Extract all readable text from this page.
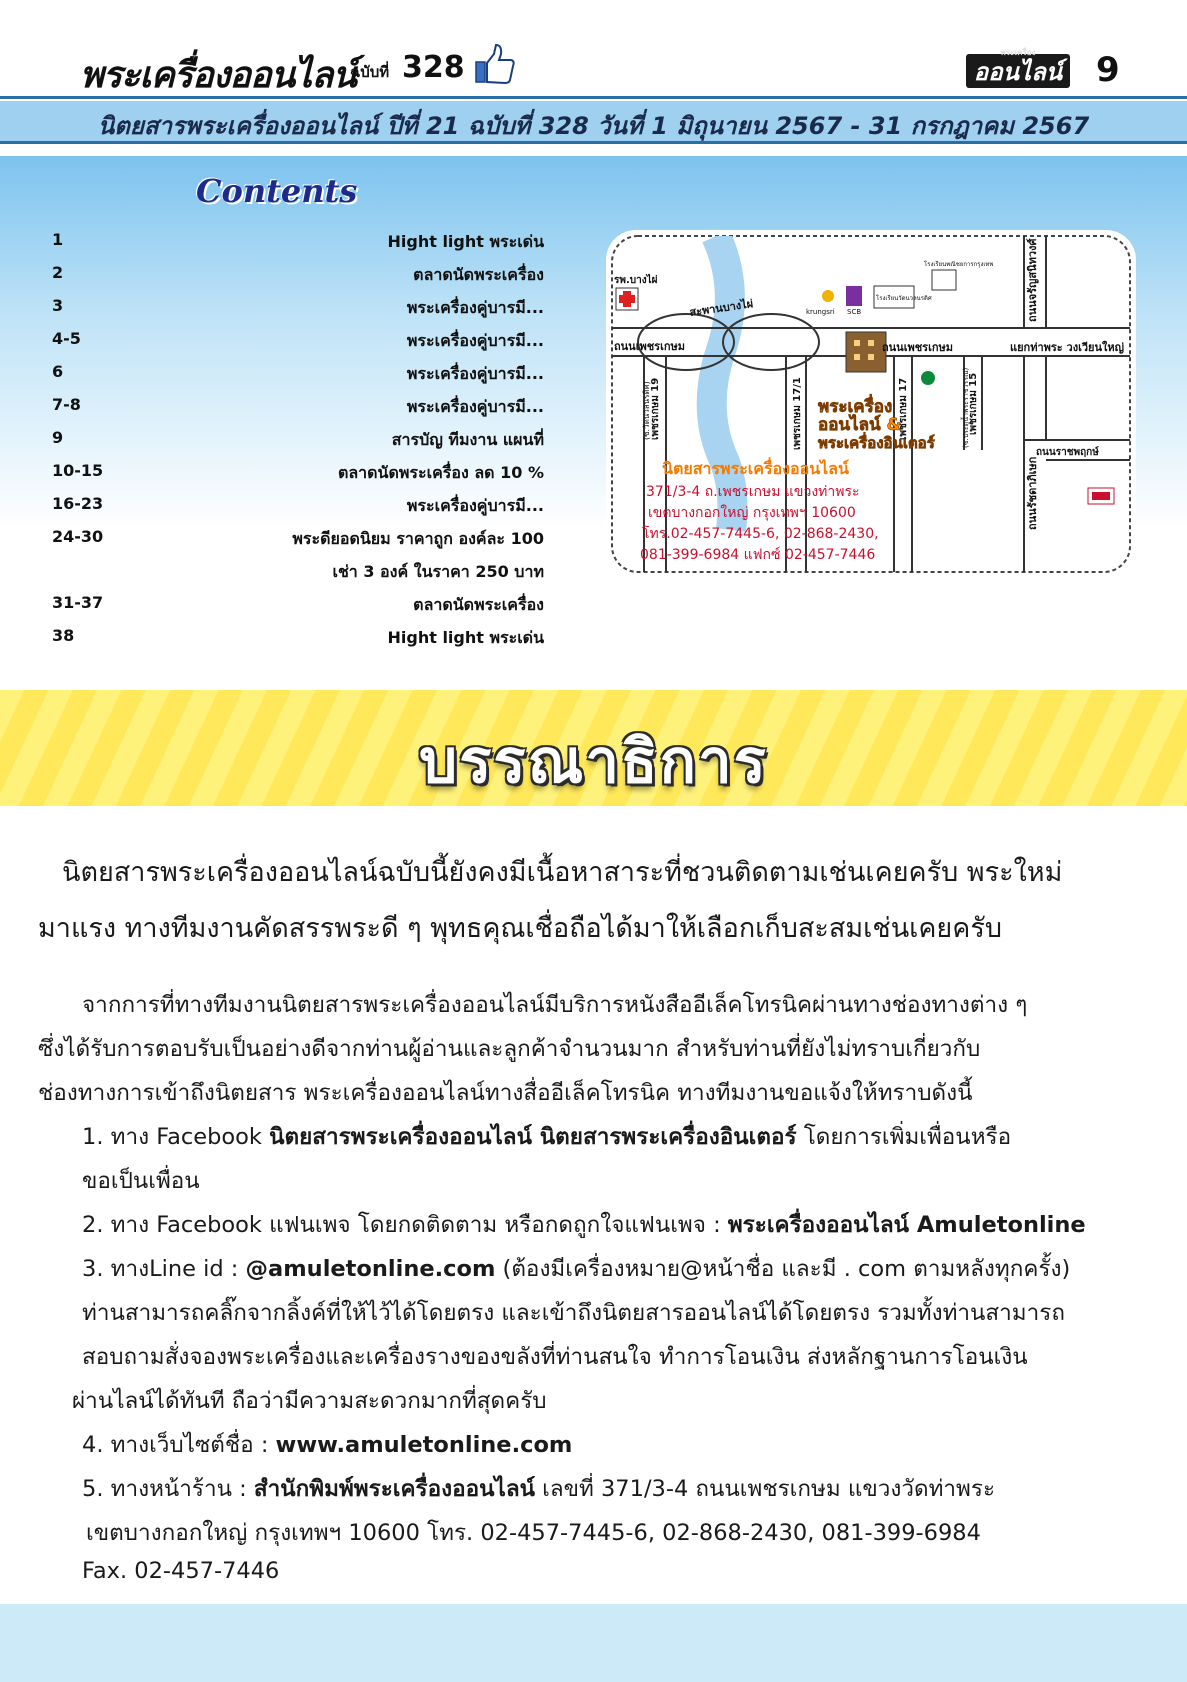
พระเครื่องออนไลน์
ฉบับที่ 328	พระเครื่อง
ออนไลน์ 9
นิตยสารพระเครื่องออนไลน์ ปีที่ 21 ฉบับที่ 328 วันที่ 1 มิถุนายน 2567 - 31 กรกฎาคม 2567
Contents
1	Hight light พระเด่น
2	ตลาดนัดพระเครื่อง
3	พระเครื่องคู่บารมี...
4-5	พระเครื่องคู่บารมี...
6	พระเครื่องคู่บารมี...
7-8	พระเครื่องคู่บารมี...
9	สารบัญ ทีมงาน แผนที่
10-15	ตลาดนัดพระเครื่อง ลด 10 %
16-23	พระเครื่องคู่บารมี...
24-30	พระดียอดนิยม ราคาถูก องค์ละ 100
เช่า 3 องค์ ในราคา 250 บาท
31-37	ตลาดนัดพระเครื่อง
38	Hight light พระเด่น
รพ.บางไผ่
ถนนเพชรเกษม
สะพานบางไผ่
ถนนเพชรเกษม	แยกท่าพระ วงเวียนใหญ่
ถนนจรัญสนิทวงศ์
ถนนรัชดาภิเษก
ถนนราชพฤกษ์
เพชรเกษม 19
(ซ.วัดนวลนรดิศ)	เพชรเกษม 17/1	เพชรเกษม 17	เพชรเกษม 15
(ซ.ประตูน้ำพระราชวรรณ)
โรงเรียนพณิชยการกรุงเทพ
โรงเรียนวัดนวลนรดิศ
krungsri SCB
พระเครื่อง
ออนไลน์ &
พระเครื่องอินเตอร์
นิตยสารพระเครื่องออนไลน์
371/3-4 ถ.เพชรเกษม แขวงท่าพระ
เขตบางกอกใหญ่ กรุงเทพฯ 10600
โทร.02-457-7445-6, 02-868-2430,
081-399-6984 แฟกซ์ 02-457-7446
บรรณาธิการ
นิตยสารพระเครื่องออนไลน์ฉบับนี้ยังคงมีเนื้อหาสาระที่ชวนติดตามเช่นเคยครับ พระใหม่
มาแรง ทางทีมงานคัดสรรพระดี ๆ พุทธคุณเชื่อถือได้มาให้เลือกเก็บสะสมเช่นเคยครับ
จากการที่ทางทีมงานนิตยสารพระเครื่องออนไลน์มีบริการหนังสืออีเล็คโทรนิคผ่านทางช่องทางต่าง ๆ
ซึ่งได้รับการตอบรับเป็นอย่างดีจากท่านผู้อ่านและลูกค้าจำนวนมาก สำหรับท่านที่ยังไม่ทราบเกี่ยวกับ
ช่องทางการเข้าถึงนิตยสาร พระเครื่องออนไลน์ทางสื่ออีเล็คโทรนิค ทางทีมงานขอแจ้งให้ทราบดังนี้
1. ทาง Facebook นิตยสารพระเครื่องออนไลน์ นิตยสารพระเครื่องอินเตอร์ โดยการเพิ่มเพื่อนหรือ
ขอเป็นเพื่อน
2. ทาง Facebook แฟนเพจ โดยกดติดตาม หรือกดถูกใจแฟนเพจ : พระเครื่องออนไลน์ Amuletonline
3. ทางLine id : @amuletonline.com (ต้องมีเครื่องหมาย@หน้าชื่อ และมี . com ตามหลังทุกครั้ง)
ท่านสามารถคลิ๊กจากลิ้งค์ที่ให้ไว้ได้โดยตรง และเข้าถึงนิตยสารออนไลน์ได้โดยตรง รวมทั้งท่านสามารถ
สอบถามสั่งจองพระเครื่องและเครื่องรางของขลังที่ท่านสนใจ ทำการโอนเงิน ส่งหลักฐานการโอนเงิน
ผ่านไลน์ได้ทันที ถือว่ามีความสะดวกมากที่สุดครับ
4. ทางเว็บไซต์ชื่อ : www.amuletonline.com
5. ทางหน้าร้าน : สำนักพิมพ์พระเครื่องออนไลน์ เลขที่ 371/3-4 ถนนเพชรเกษม แขวงวัดท่าพระ
เขตบางกอกใหญ่ กรุงเทพฯ 10600 โทร. 02-457-7445-6, 02-868-2430, 081-399-6984
Fax. 02-457-7446
